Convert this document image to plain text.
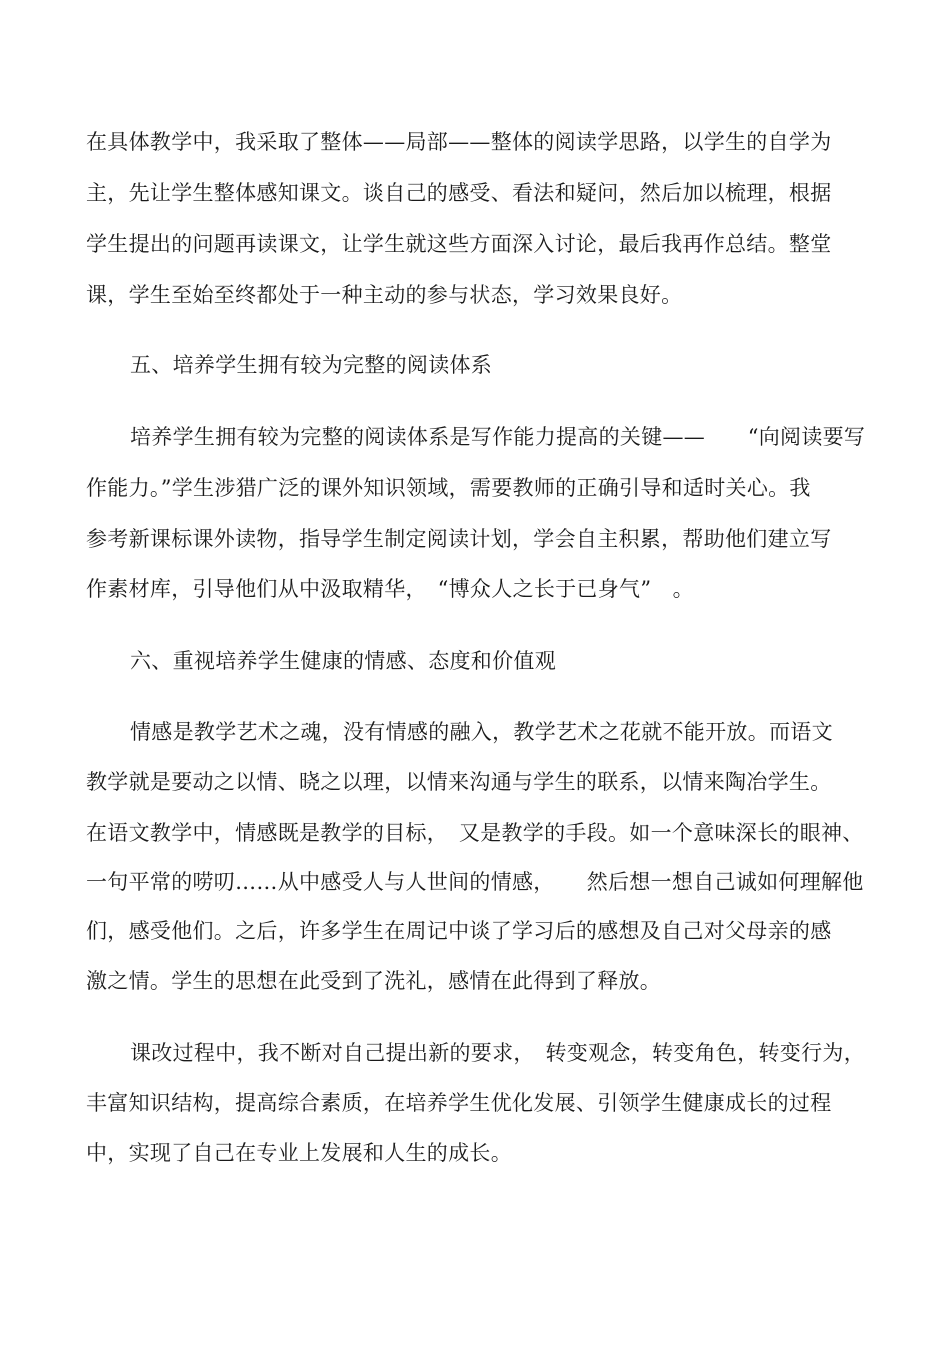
在具体教学中，我采取了整体——局部——整体的阅读学思路，以学生的自学为
主，先让学生整体感知课文。谈自己的感受、看法和疑问，然后加以梳理，根据
学生提出的问题再读课文，让学生就这些方面深入讨论，最后我再作总结。整堂
课，学生至始至终都处于一种主动的参与状态，学习效果良好。
五、培养学生拥有较为完整的阅读体系
培养学生拥有较为完整的阅读体系是写作能力提高的关键——　　“向阅读要写
作能力。”学生涉猎广泛的课外知识领域，需要教师的正确引导和适时关心。我
参考新课标课外读物，指导学生制定阅读计划，学会自主积累，帮助他们建立写
作素材库，引导他们从中汲取精华，　“博众人之长于已身气”　。
六、重视培养学生健康的情感、态度和价值观
情感是教学艺术之魂，没有情感的融入，教学艺术之花就不能开放。而语文
教学就是要动之以情、晓之以理，以情来沟通与学生的联系，以情来陶冶学生。
在语文教学中，情感既是教学的目标，　又是教学的手段。如一个意味深长的眼神、
一句平常的唠叨……从中感受人与人世间的情感，　　然后想一想自己诚如何理解他
们，感受他们。之后，许多学生在周记中谈了学习后的感想及自己对父母亲的感
激之情。学生的思想在此受到了洗礼，感情在此得到了释放。
课改过程中，我不断对自己提出新的要求，　转变观念，转变角色，转变行为，
丰富知识结构，提高综合素质，在培养学生优化发展、引领学生健康成长的过程
中，实现了自己在专业上发展和人生的成长。
